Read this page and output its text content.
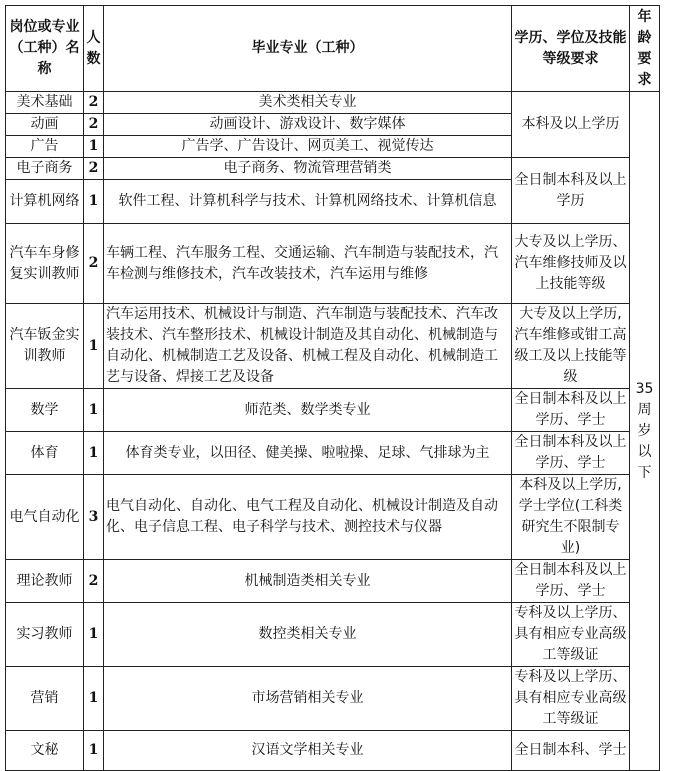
岗位或专业（工种）名称	人数	毕业专业（工种）	学历、学位及技能等级要求	年龄要求
美术基础	2	美术类相关专业	本科及以上学历	35周岁以下
动画	2	动画设计、游戏设计、数字媒体		
广告	1	广告学、广告设计、网页美工、视觉传达		
电子商务	2	电子商务、物流管理营销类	全日制本科及以上学历	
计算机网络	1	软件工程、计算机科学与技术、计算机网络技术、计算机信息		
汽车车身修复实训教师	2	车辆工程、汽车服务工程、交通运输、汽车制造与装配技术，汽车检测与维修技术，汽车改装技术，汽车运用与维修	大专及以上学历、汽车维修技师及以上技能等级	
汽车钣金实训教师	1	汽车运用技术、机械设计与制造、汽车制造与装配技术、汽车改装技术、汽车整形技术、机械设计制造及其自动化、机械制造与自动化、机械制造工艺及设备、机械工程及自动化、机械制造工艺与设备、焊接工艺及设备	大专及以上学历,汽车维修或钳工高级工及以上技能等级	
数学	1	师范类、数学类专业	全日制本科及以上学历、学士	
体育	1	体育类专业，以田径、健美操、啦啦操、足球、气排球为主	全日制本科及以上学历、学士	
电气自动化	3	电气自动化、自动化、电气工程及自动化、机械设计制造及自动化、电子信息工程、电子科学与技术、测控技术与仪器	本科及以上学历,学士学位(工科类研究生不限制专业)	
理论教师	2	机械制造类相关专业	全日制本科及以上学历、学士	
实习教师	1	数控类相关专业	专科及以上学历、具有相应专业高级工等级证	
营销	1	市场营销相关专业	专科及以上学历、具有相应专业高级工等级证	
文秘	1	汉语文学相关专业	全日制本科、学士	
